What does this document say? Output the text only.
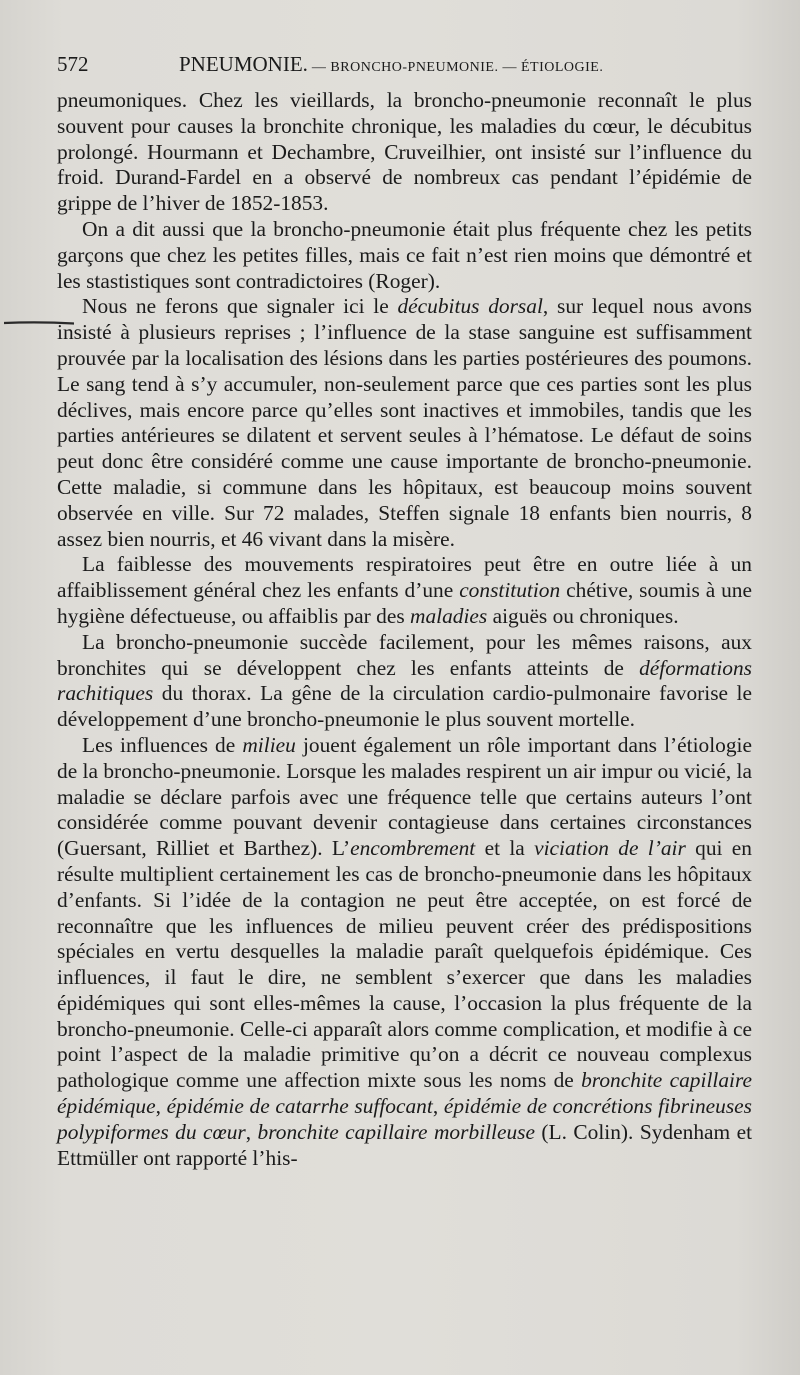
572	PNEUMONIE. — BRONCHO-PNEUMONIE. — ÉTIOLOGIE.

pneumoniques. Chez les vieillards, la broncho-pneumonie reconnaît le plus souvent pour causes la bronchite chronique, les maladies du cœur, le décubitus prolongé. Hourmann et Dechambre, Cruveilhier, ont insisté sur l’influence du froid. Durand-Fardel en a observé de nombreux cas pendant l’épidémie de grippe de l’hiver de 1852-1853.

On a dit aussi que la broncho-pneumonie était plus fréquente chez les petits garçons que chez les petites filles, mais ce fait n’est rien moins que démontré et les stastistiques sont contradictoires (Roger).

Nous ne ferons que signaler ici le décubitus dorsal, sur lequel nous avons insisté à plusieurs reprises ; l’influence de la stase sanguine est suffisamment prouvée par la localisation des lésions dans les parties postérieures des poumons. Le sang tend à s’y accumuler, non-seulement parce que ces parties sont les plus déclives, mais encore parce qu’elles sont inactives et immobiles, tandis que les parties antérieures se dilatent et servent seules à l’hématose. Le défaut de soins peut donc être considéré comme une cause importante de broncho-pneumonie. Cette maladie, si commune dans les hôpitaux, est beaucoup moins souvent observée en ville. Sur 72 malades, Steffen signale 18 enfants bien nourris, 8 assez bien nourris, et 46 vivant dans la misère.

La faiblesse des mouvements respiratoires peut être en outre liée à un affaiblissement général chez les enfants d’une constitution chétive, soumis à une hygiène défectueuse, ou affaiblis par des maladies aiguës ou chroniques.

La broncho-pneumonie succède facilement, pour les mêmes raisons, aux bronchites qui se développent chez les enfants atteints de déformations rachitiques du thorax. La gêne de la circulation cardio-pulmonaire favorise le développement d’une broncho-pneumonie le plus souvent mortelle.

Les influences de milieu jouent également un rôle important dans l’étiologie de la broncho-pneumonie. Lorsque les malades respirent un air impur ou vicié, la maladie se déclare parfois avec une fréquence telle que certains auteurs l’ont considérée comme pouvant devenir contagieuse dans certaines circonstances (Guersant, Rilliet et Barthez). L’encombrement et la viciation de l’air qui en résulte multiplient certainement les cas de broncho-pneumonie dans les hôpitaux d’enfants. Si l’idée de la contagion ne peut être acceptée, on est forcé de reconnaître que les influences de milieu peuvent créer des prédispositions spéciales en vertu desquelles la maladie paraît quelquefois épidémique. Ces influences, il faut le dire, ne semblent s’exercer que dans les maladies épidémiques qui sont elles-mêmes la cause, l’occasion la plus fréquente de la broncho-pneumonie. Celle-ci apparaît alors comme complication, et modifie à ce point l’aspect de la maladie primitive qu’on a décrit ce nouveau complexus pathologique comme une affection mixte sous les noms de bronchite capillaire épidémique, épidémie de catarrhe suffocant, épidémie de concrétions fibrineuses polypiformes du cœur, bronchite capillaire morbilleuse (L. Colin). Sydenham et Ettmüller ont rapporté l’his-
